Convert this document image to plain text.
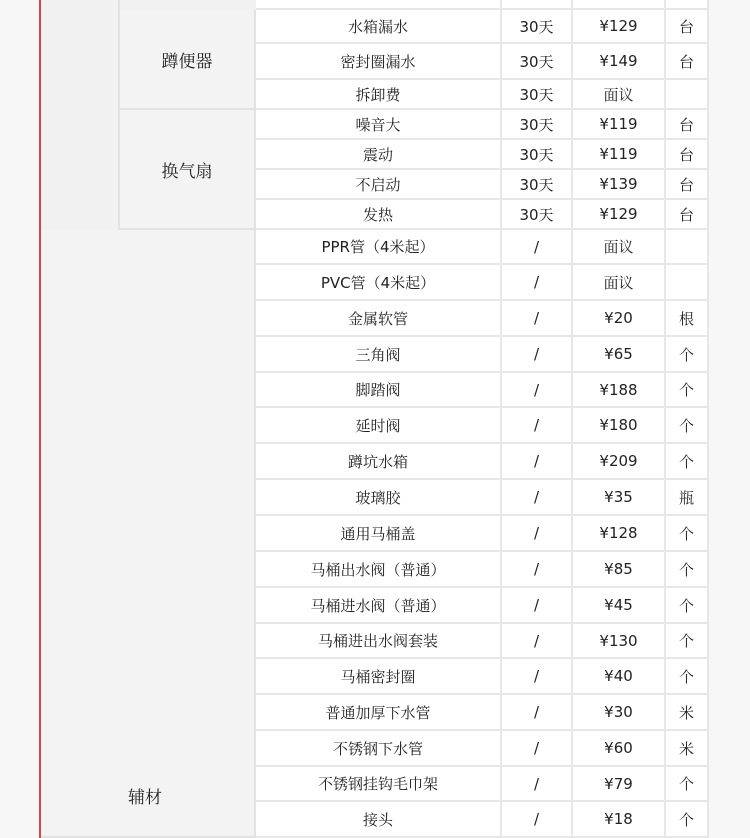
蹲便器
水箱漏水	30天	¥129	台
密封圈漏水	30天	¥149	台
拆卸费	30天	面议
换气扇
噪音大	30天	¥119	台
震动	30天	¥119	台
不启动	30天	¥139	台
发热	30天	¥129	台
辅材
PPR管（4米起）	/	面议
PVC管（4米起）	/	面议
金属软管	/	¥20	根
三角阀	/	¥65	个
脚踏阀	/	¥188	个
延时阀	/	¥180	个
蹲坑水箱	/	¥209	个
玻璃胶	/	¥35	瓶
通用马桶盖	/	¥128	个
马桶出水阀（普通）	/	¥85	个
马桶进水阀（普通）	/	¥45	个
马桶进出水阀套装	/	¥130	个
马桶密封圈	/	¥40	个
普通加厚下水管	/	¥30	米
不锈钢下水管	/	¥60	米
不锈钢挂钩毛巾架	/	¥79	个
接头	/	¥18	个
